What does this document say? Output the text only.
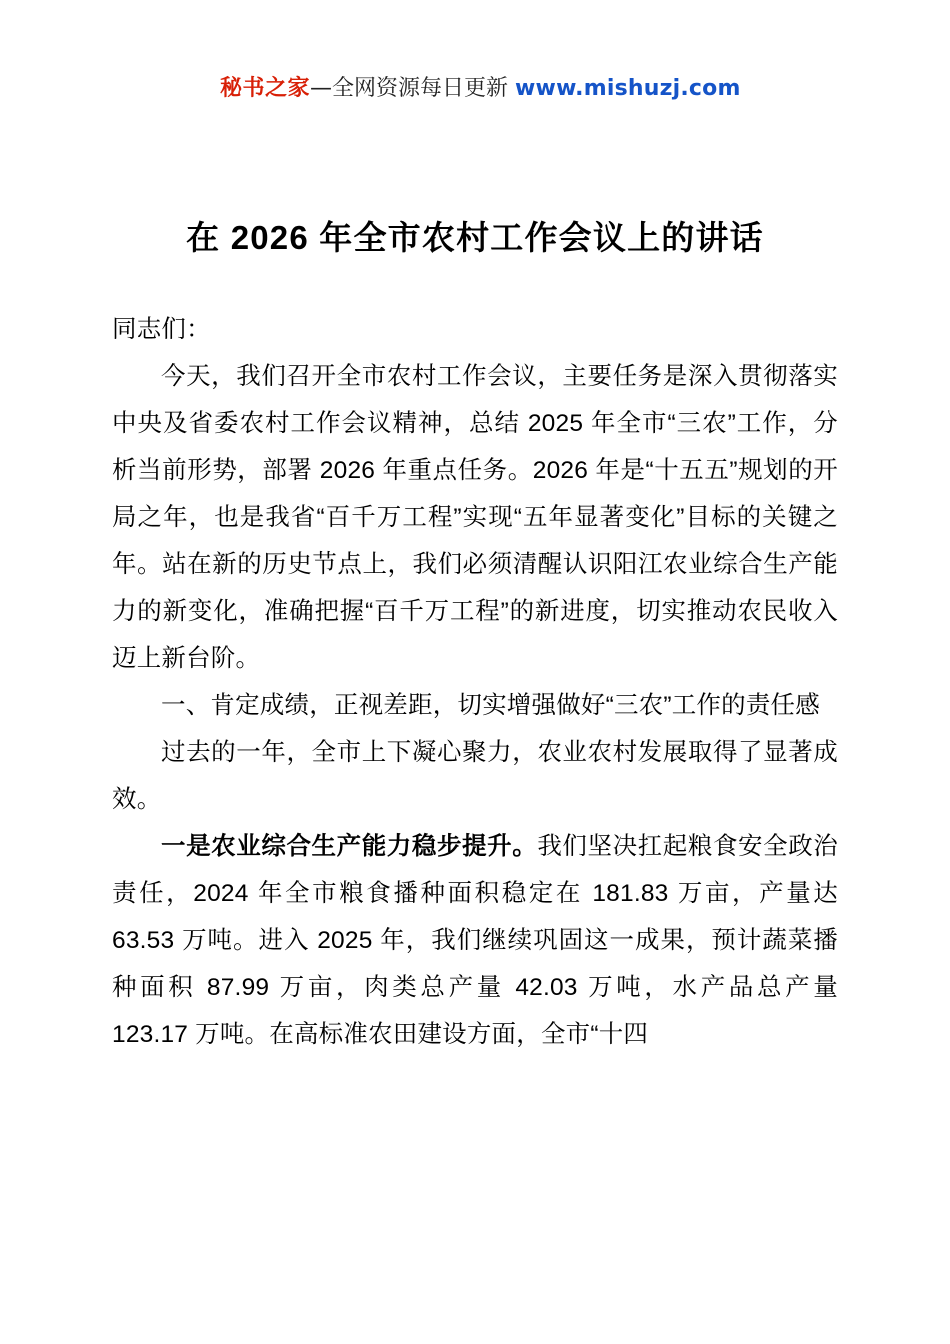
秘书之家—全网资源每日更新 www.mishuzj.com
在 2026 年全市农村工作会议上的讲话

同志们：

今天，我们召开全市农村工作会议，主要任务是深入贯彻落实中央及省委农村工作会议精神，总结 2025 年全市“三农”工作，分析当前形势，部署 2026 年重点任务。2026 年是“十五五”规划的开局之年，也是我省“百千万工程”实现“五年显著变化”目标的关键之年。站在新的历史节点上，我们必须清醒认识阳江农业综合生产能力的新变化，准确把握“百千万工程”的新进度，切实推动农民收入迈上新台阶。

一、肯定成绩，正视差距，切实增强做好“三农”工作的责任感

过去的一年，全市上下凝心聚力，农业农村发展取得了显著成效。

一是农业综合生产能力稳步提升。我们坚决扛起粮食安全政治责任，2024 年全市粮食播种面积稳定在 181.83 万亩，产量达 63.53 万吨。进入 2025 年，我们继续巩固这一成果，预计蔬菜播种面积 87.99 万亩，肉类总产量 42.03 万吨，水产品总产量 123.17 万吨。在高标准农田建设方面，全市“十四
